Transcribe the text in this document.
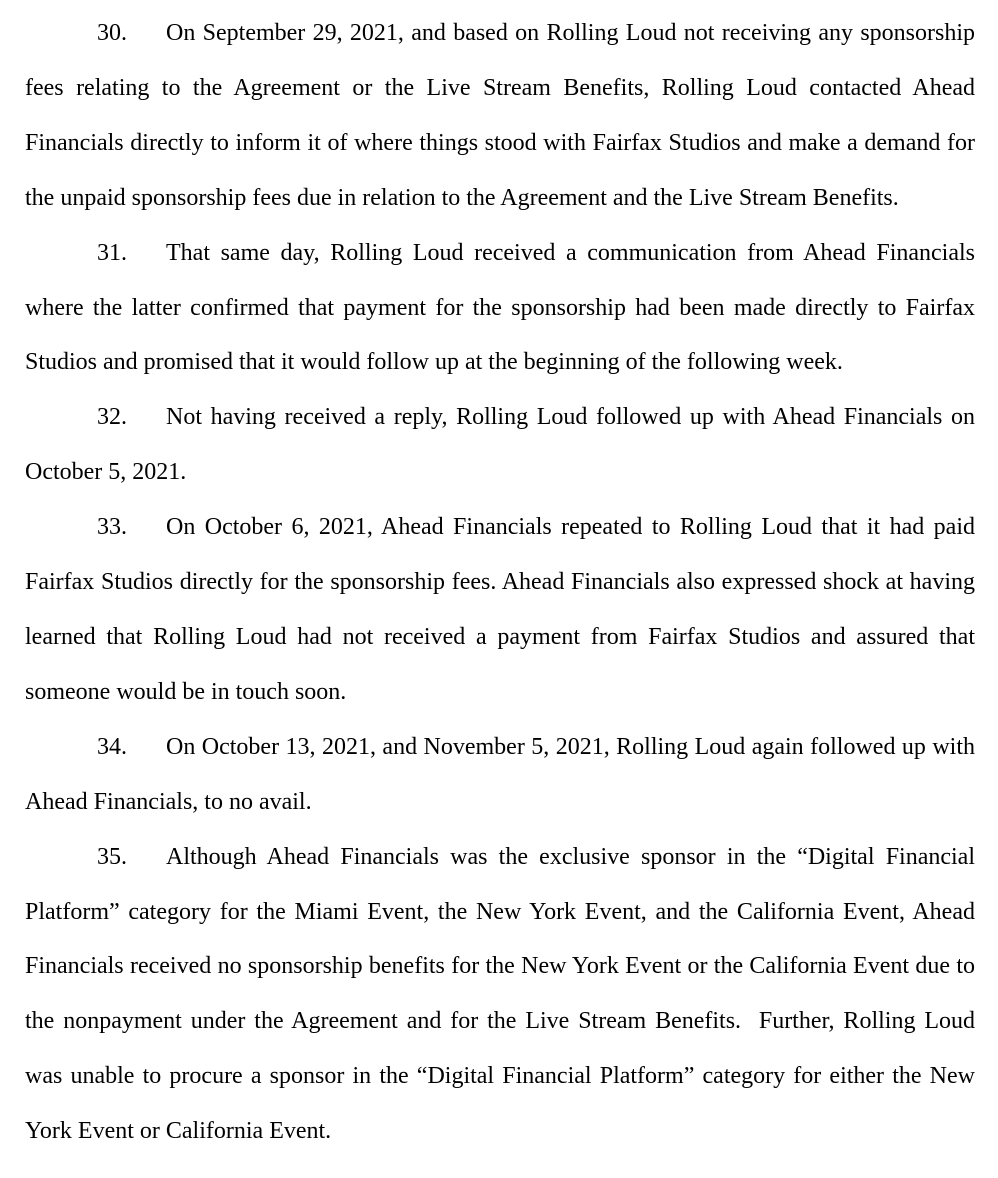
30. On September 29, 2021, and based on Rolling Loud not receiving any sponsorship fees relating to the Agreement or the Live Stream Benefits, Rolling Loud contacted Ahead Financials directly to inform it of where things stood with Fairfax Studios and make a demand for the unpaid sponsorship fees due in relation to the Agreement and the Live Stream Benefits.

31. That same day, Rolling Loud received a communication from Ahead Financials where the latter confirmed that payment for the sponsorship had been made directly to Fairfax Studios and promised that it would follow up at the beginning of the following week.

32. Not having received a reply, Rolling Loud followed up with Ahead Financials on October 5, 2021.

33. On October 6, 2021, Ahead Financials repeated to Rolling Loud that it had paid Fairfax Studios directly for the sponsorship fees. Ahead Financials also expressed shock at having learned that Rolling Loud had not received a payment from Fairfax Studios and assured that someone would be in touch soon.

34. On October 13, 2021, and November 5, 2021, Rolling Loud again followed up with Ahead Financials, to no avail.

35. Although Ahead Financials was the exclusive sponsor in the “Digital Financial Platform” category for the Miami Event, the New York Event, and the California Event, Ahead Financials received no sponsorship benefits for the New York Event or the California Event due to the nonpayment under the Agreement and for the Live Stream Benefits.  Further, Rolling Loud was unable to procure a sponsor in the “Digital Financial Platform” category for either the New York Event or California Event.
